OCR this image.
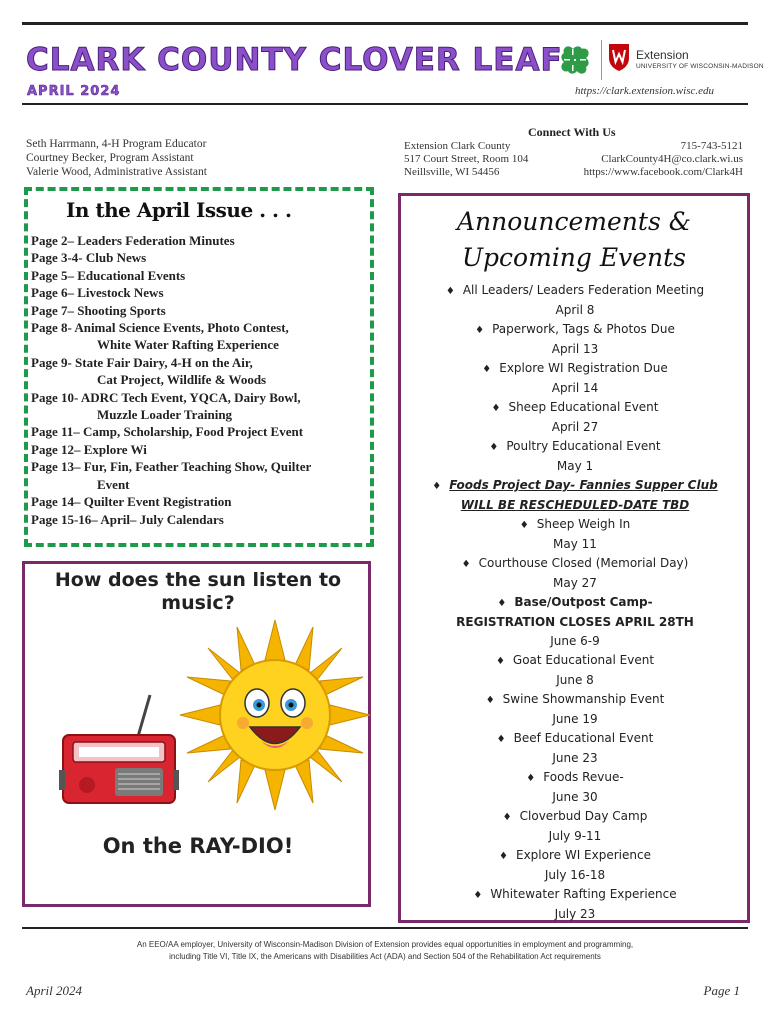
CLARK COUNTY CLOVER LEAF
APRIL 2024
Extension
UNIVERSITY OF WISCONSIN-MADISON
https://clark.extension.wisc.edu
Seth Harrmann, 4-H Program Educator
Courtney Becker, Program Assistant
Valerie Wood, Administrative Assistant
Connect With Us
Extension Clark County
517 Court Street, Room 104
Neillsville, WI 54456
715-743-5121
ClarkCounty4H@co.clark.wi.us
https://www.facebook.com/Clark4H
In the April Issue . . .
Page 2– Leaders Federation Minutes
Page 3-4- Club News
Page 5– Educational Events
Page 6– Livestock News
Page 7– Shooting Sports
Page 8- Animal Science Events, Photo Contest,
White Water Rafting Experience
Page 9- State Fair Dairy, 4-H on the Air,
Cat Project, Wildlife & Woods
Page 10- ADRC Tech Event, YQCA, Dairy Bowl,
Muzzle Loader Training
Page 11– Camp, Scholarship, Food Project Event
Page 12– Explore Wi
Page 13– Fur, Fin, Feather Teaching Show, Quilter
Event
Page 14– Quilter Event Registration
Page 15-16– April– July Calendars
How does the sun listen to music?
On the RAY-DIO!
Announcements &
Upcoming Events
♦ All Leaders/ Leaders Federation Meeting
April 8
♦ Paperwork, Tags & Photos Due
April 13
♦ Explore WI Registration Due
April 14
♦ Sheep Educational Event
April 27
♦ Poultry Educational Event
May 1
♦ Foods Project Day- Fannies Supper Club
WILL BE RESCHEDULED-DATE TBD
♦ Sheep Weigh In
May 11
♦ Courthouse Closed (Memorial Day)
May 27
♦ Base/Outpost Camp-
REGISTRATION CLOSES APRIL 28TH
June 6-9
♦ Goat Educational Event
June 8
♦ Swine Showmanship Event
June 19
♦ Beef Educational Event
June 23
♦ Foods Revue-
June 30
♦ Cloverbud Day Camp
July 9-11
♦ Explore WI Experience
July 16-18
♦ Whitewater Rafting Experience
July 23
An EEO/AA employer, University of Wisconsin-Madison Division of Extension provides equal opportunities in employment and programming,
including Title VI, Title IX, the Americans with Disabilities Act (ADA) and Section 504 of the Rehabilitation Act requirements
April 2024	Page 1
